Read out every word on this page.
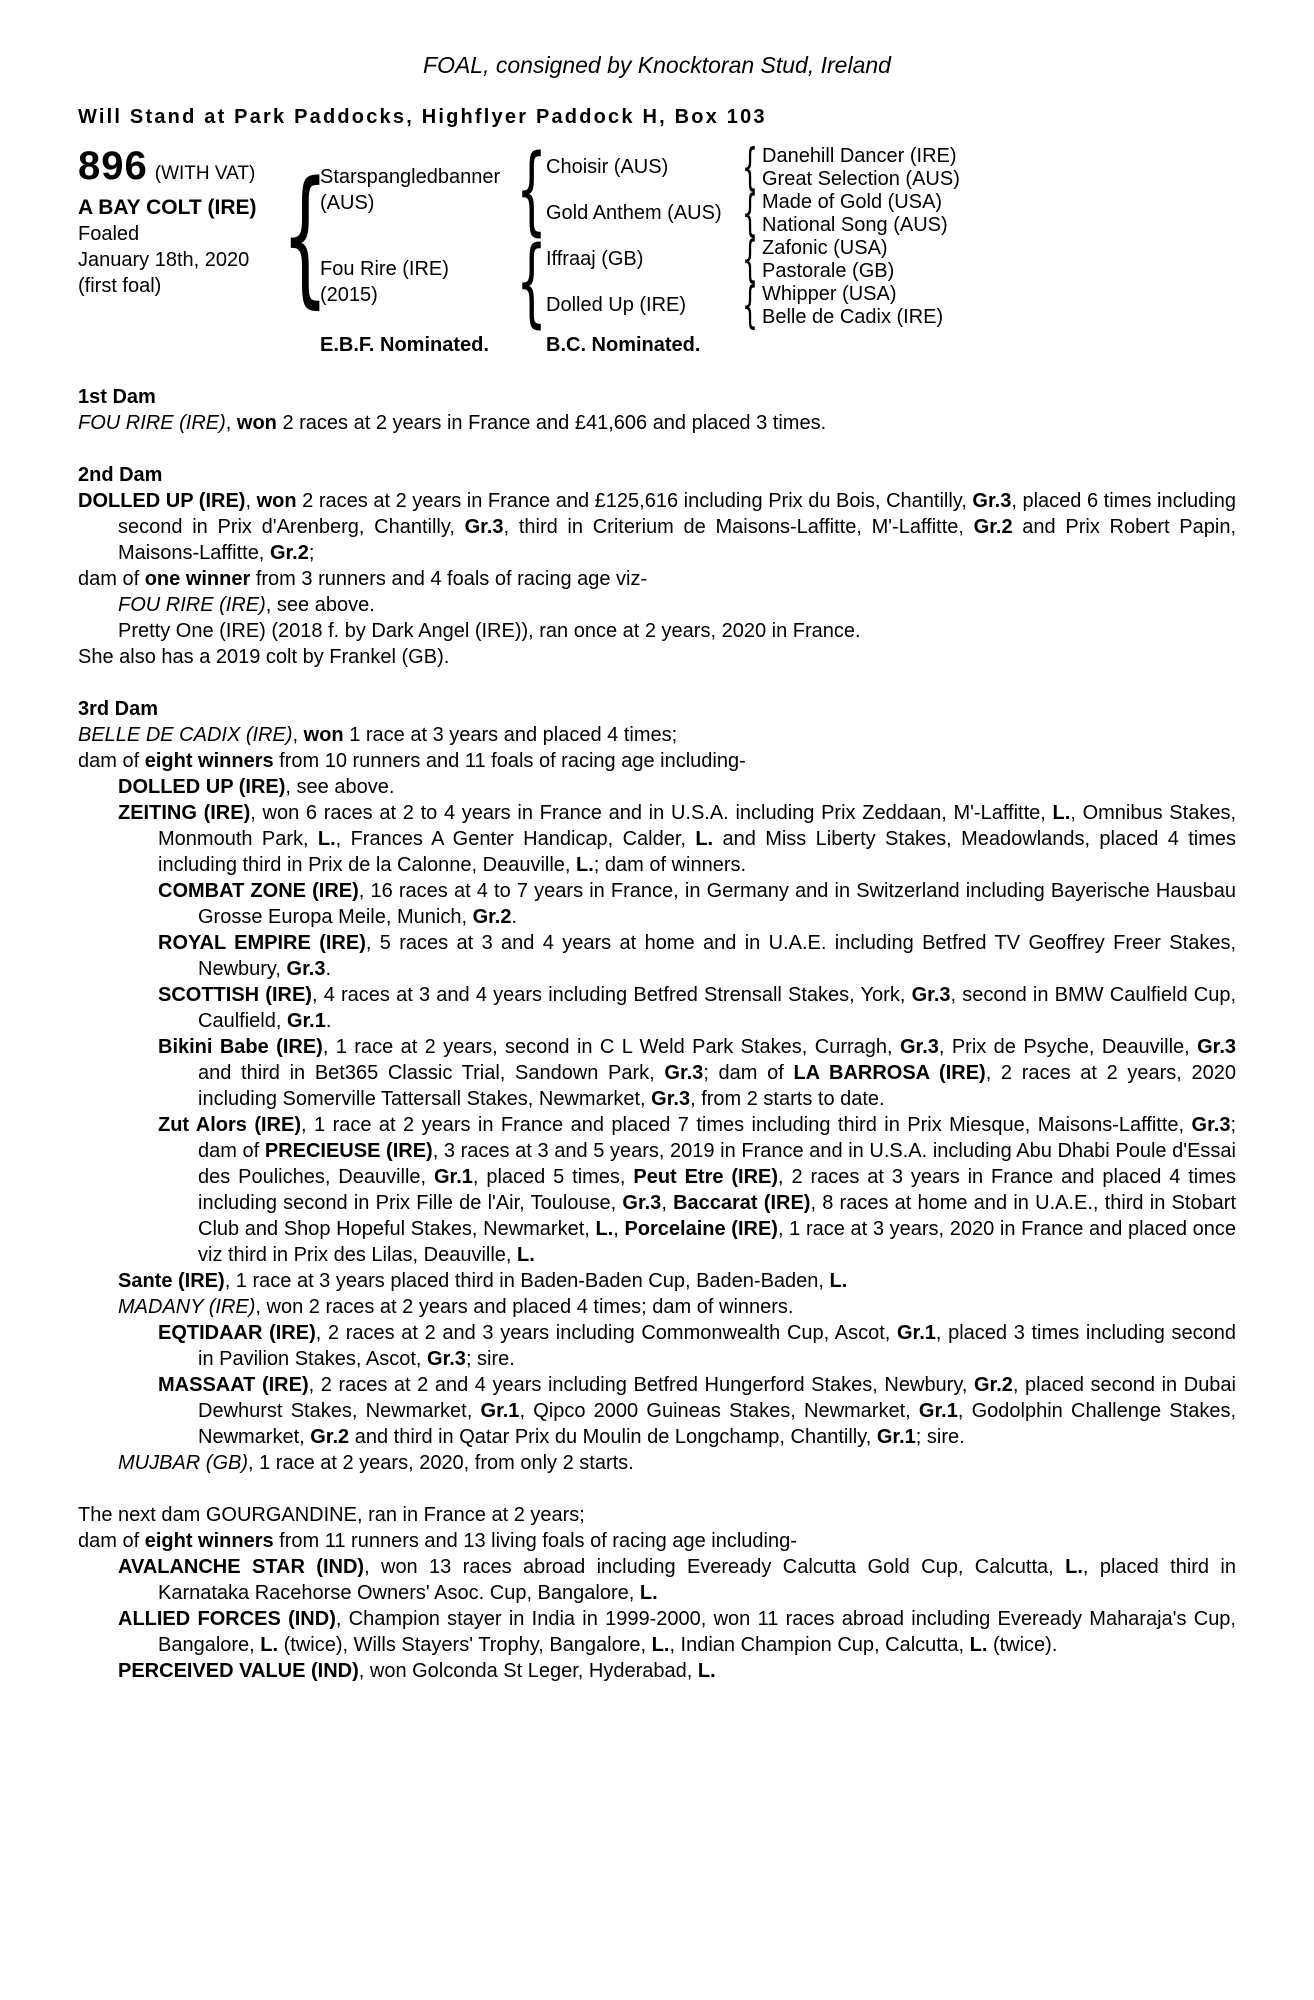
FOAL, consigned by Knocktoran Stud, Ireland
Will Stand at Park Paddocks, Highflyer Paddock H, Box 103
896 (WITH VAT)
A BAY COLT (IRE)
Foaled
January 18th, 2020
(first foal) {
Starspangledbanner
(AUS)
Fou Rire (IRE)
(2015)
{
{
Choisir (AUS)
Gold Anthem (AUS)
Iffraaj (GB)
Dolled Up (IRE)
{
{
{
{
Danehill Dancer (IRE)
Great Selection (AUS)
Made of Gold (USA)
National Song (AUS)
Zafonic (USA)
Pastorale (GB)
Whipper (USA)
Belle de Cadix (IRE)
E.B.F. Nominated.	B.C. Nominated.
1st Dam

FOU RIRE (IRE), won 2 races at 2 years in France and £41,606 and placed 3 times.

2nd Dam

DOLLED UP (IRE), won 2 races at 2 years in France and £125,616 including Prix du Bois, Chantilly, Gr.3, placed 6 times including second in Prix d'Arenberg, Chantilly, Gr.3, third in Criterium de Maisons-Laffitte, M'-Laffitte, Gr.2 and Prix Robert Papin, Maisons-Laffitte, Gr.2;

dam of one winner from 3 runners and 4 foals of racing age viz-

FOU RIRE (IRE), see above.

Pretty One (IRE) (2018 f. by Dark Angel (IRE)), ran once at 2 years, 2020 in France.

She also has a 2019 colt by Frankel (GB).

3rd Dam

BELLE DE CADIX (IRE), won 1 race at 3 years and placed 4 times;

dam of eight winners from 10 runners and 11 foals of racing age including-

DOLLED UP (IRE), see above.

ZEITING (IRE), won 6 races at 2 to 4 years in France and in U.S.A. including Prix Zeddaan, M'-Laffitte, L., Omnibus Stakes, Monmouth Park, L., Frances A Genter Handicap, Calder, L. and Miss Liberty Stakes, Meadowlands, placed 4 times including third in Prix de la Calonne, Deauville, L.; dam of winners.

COMBAT ZONE (IRE), 16 races at 4 to 7 years in France, in Germany and in Switzerland including Bayerische Hausbau Grosse Europa Meile, Munich, Gr.2.

ROYAL EMPIRE (IRE), 5 races at 3 and 4 years at home and in U.A.E. including Betfred TV Geoffrey Freer Stakes, Newbury, Gr.3.

SCOTTISH (IRE), 4 races at 3 and 4 years including Betfred Strensall Stakes, York, Gr.3, second in BMW Caulfield Cup, Caulfield, Gr.1.

Bikini Babe (IRE), 1 race at 2 years, second in C L Weld Park Stakes, Curragh, Gr.3, Prix de Psyche, Deauville, Gr.3 and third in Bet365 Classic Trial, Sandown Park, Gr.3; dam of LA BARROSA (IRE), 2 races at 2 years, 2020 including Somerville Tattersall Stakes, Newmarket, Gr.3, from 2 starts to date.

Zut Alors (IRE), 1 race at 2 years in France and placed 7 times including third in Prix Miesque, Maisons-Laffitte, Gr.3; dam of PRECIEUSE (IRE), 3 races at 3 and 5 years, 2019 in France and in U.S.A. including Abu Dhabi Poule d'Essai des Pouliches, Deauville, Gr.1, placed 5 times, Peut Etre (IRE), 2 races at 3 years in France and placed 4 times including second in Prix Fille de l'Air, Toulouse, Gr.3, Baccarat (IRE), 8 races at home and in U.A.E., third in Stobart Club and Shop Hopeful Stakes, Newmarket, L., Porcelaine (IRE), 1 race at 3 years, 2020 in France and placed once viz third in Prix des Lilas, Deauville, L.

Sante (IRE), 1 race at 3 years placed third in Baden-Baden Cup, Baden-Baden, L.

MADANY (IRE), won 2 races at 2 years and placed 4 times; dam of winners.

EQTIDAAR (IRE), 2 races at 2 and 3 years including Commonwealth Cup, Ascot, Gr.1, placed 3 times including second in Pavilion Stakes, Ascot, Gr.3; sire.

MASSAAT (IRE), 2 races at 2 and 4 years including Betfred Hungerford Stakes, Newbury, Gr.2, placed second in Dubai Dewhurst Stakes, Newmarket, Gr.1, Qipco 2000 Guineas Stakes, Newmarket, Gr.1, Godolphin Challenge Stakes, Newmarket, Gr.2 and third in Qatar Prix du Moulin de Longchamp, Chantilly, Gr.1; sire.

MUJBAR (GB), 1 race at 2 years, 2020, from only 2 starts.

The next dam GOURGANDINE, ran in France at 2 years;

dam of eight winners from 11 runners and 13 living foals of racing age including-

AVALANCHE STAR (IND), won 13 races abroad including Eveready Calcutta Gold Cup, Calcutta, L., placed third in Karnataka Racehorse Owners' Asoc. Cup, Bangalore, L.

ALLIED FORCES (IND), Champion stayer in India in 1999-2000, won 11 races abroad including Eveready Maharaja's Cup, Bangalore, L. (twice), Wills Stayers' Trophy, Bangalore, L., Indian Champion Cup, Calcutta, L. (twice).

PERCEIVED VALUE (IND), won Golconda St Leger, Hyderabad, L.
